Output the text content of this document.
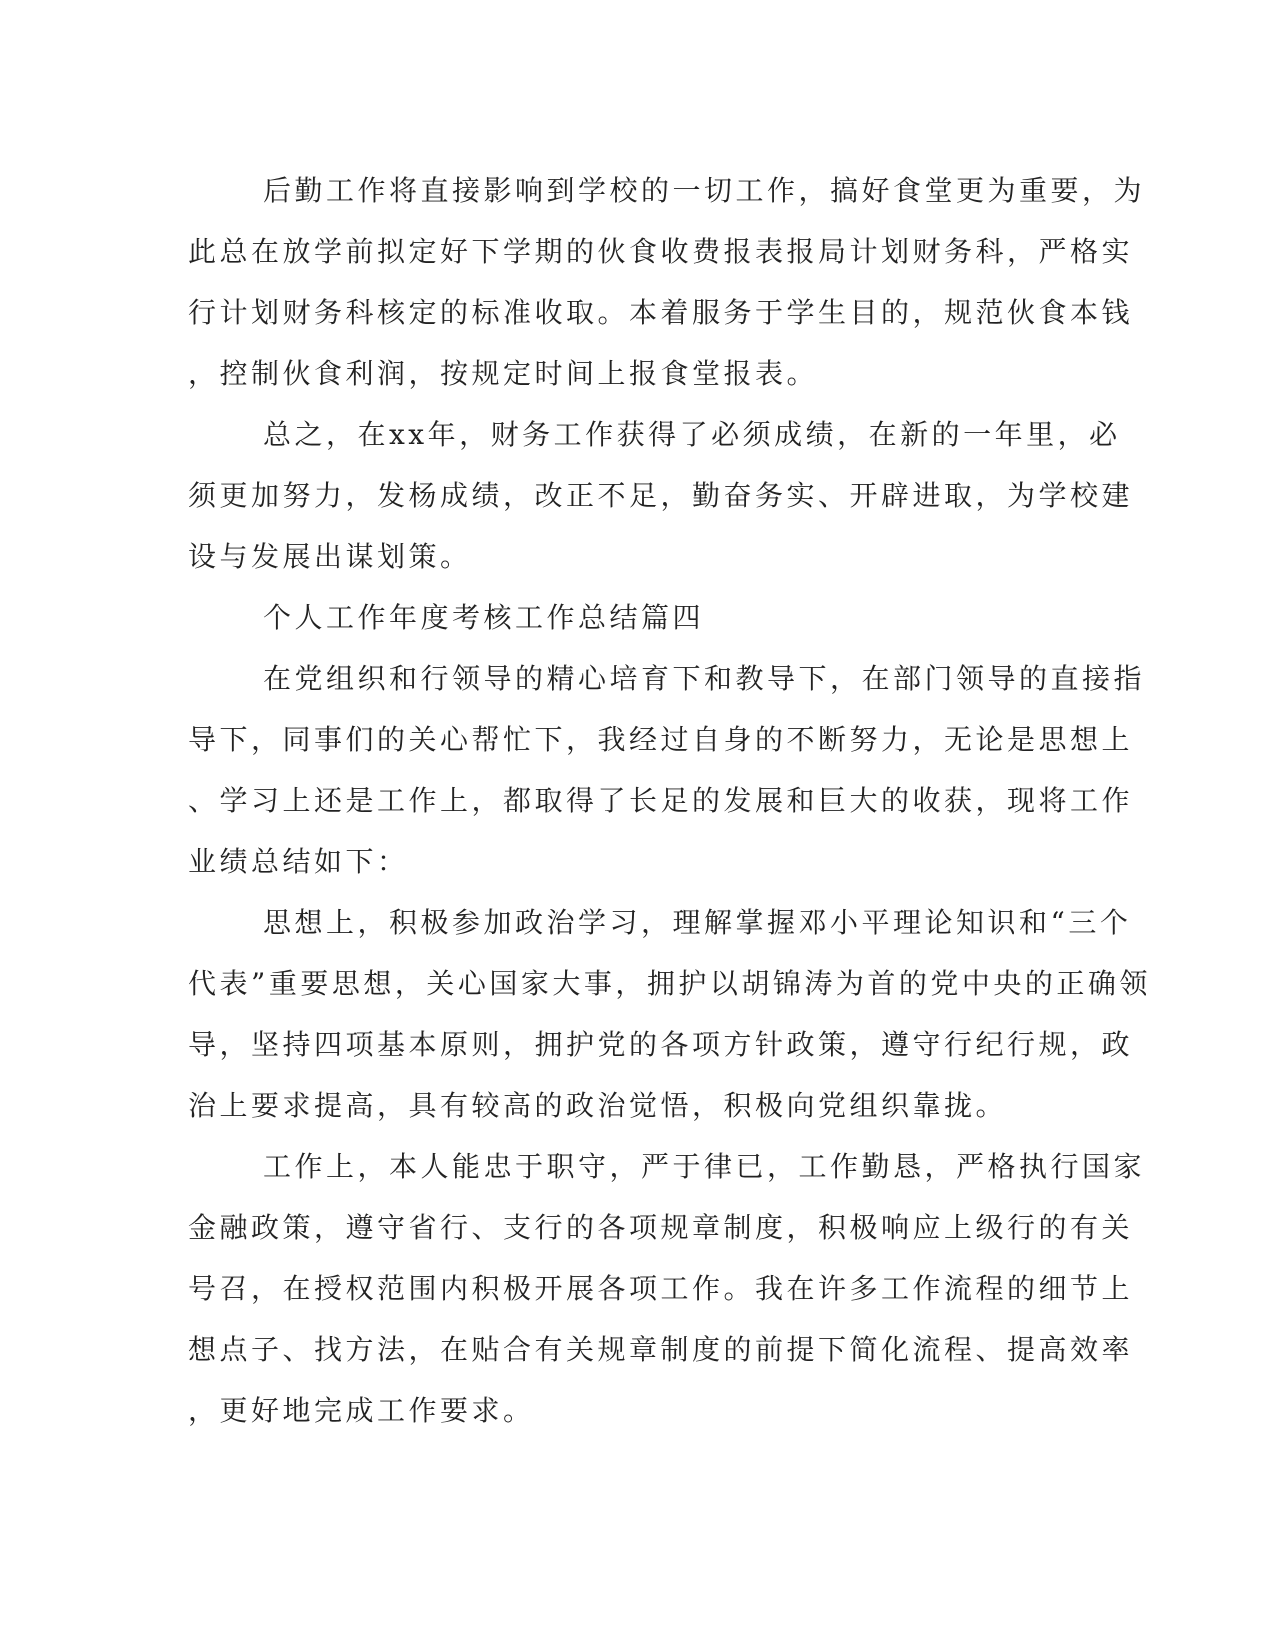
后勤工作将直接影响到学校的一切工作，搞好食堂更为重要，为
此总在放学前拟定好下学期的伙食收费报表报局计划财务科，严格实
行计划财务科核定的标准收取。本着服务于学生目的，规范伙食本钱
，控制伙食利润，按规定时间上报食堂报表。
总之，在xx年，财务工作获得了必须成绩，在新的一年里，必
须更加努力，发杨成绩，改正不足，勤奋务实、开辟进取，为学校建
设与发展出谋划策。
个人工作年度考核工作总结篇四
在党组织和行领导的精心培育下和教导下，在部门领导的直接指
导下，同事们的关心帮忙下，我经过自身的不断努力，无论是思想上
、学习上还是工作上，都取得了长足的发展和巨大的收获，现将工作
业绩总结如下：
思想上，积极参加政治学习，理解掌握邓小平理论知识和“三个
代表”重要思想，关心国家大事，拥护以胡锦涛为首的党中央的正确领
导，坚持四项基本原则，拥护党的各项方针政策，遵守行纪行规，政
治上要求提高，具有较高的政治觉悟，积极向党组织靠拢。
工作上，本人能忠于职守，严于律已，工作勤恳，严格执行国家
金融政策，遵守省行、支行的各项规章制度，积极响应上级行的有关
号召，在授权范围内积极开展各项工作。我在许多工作流程的细节上
想点子、找方法，在贴合有关规章制度的前提下简化流程、提高效率
，更好地完成工作要求。
